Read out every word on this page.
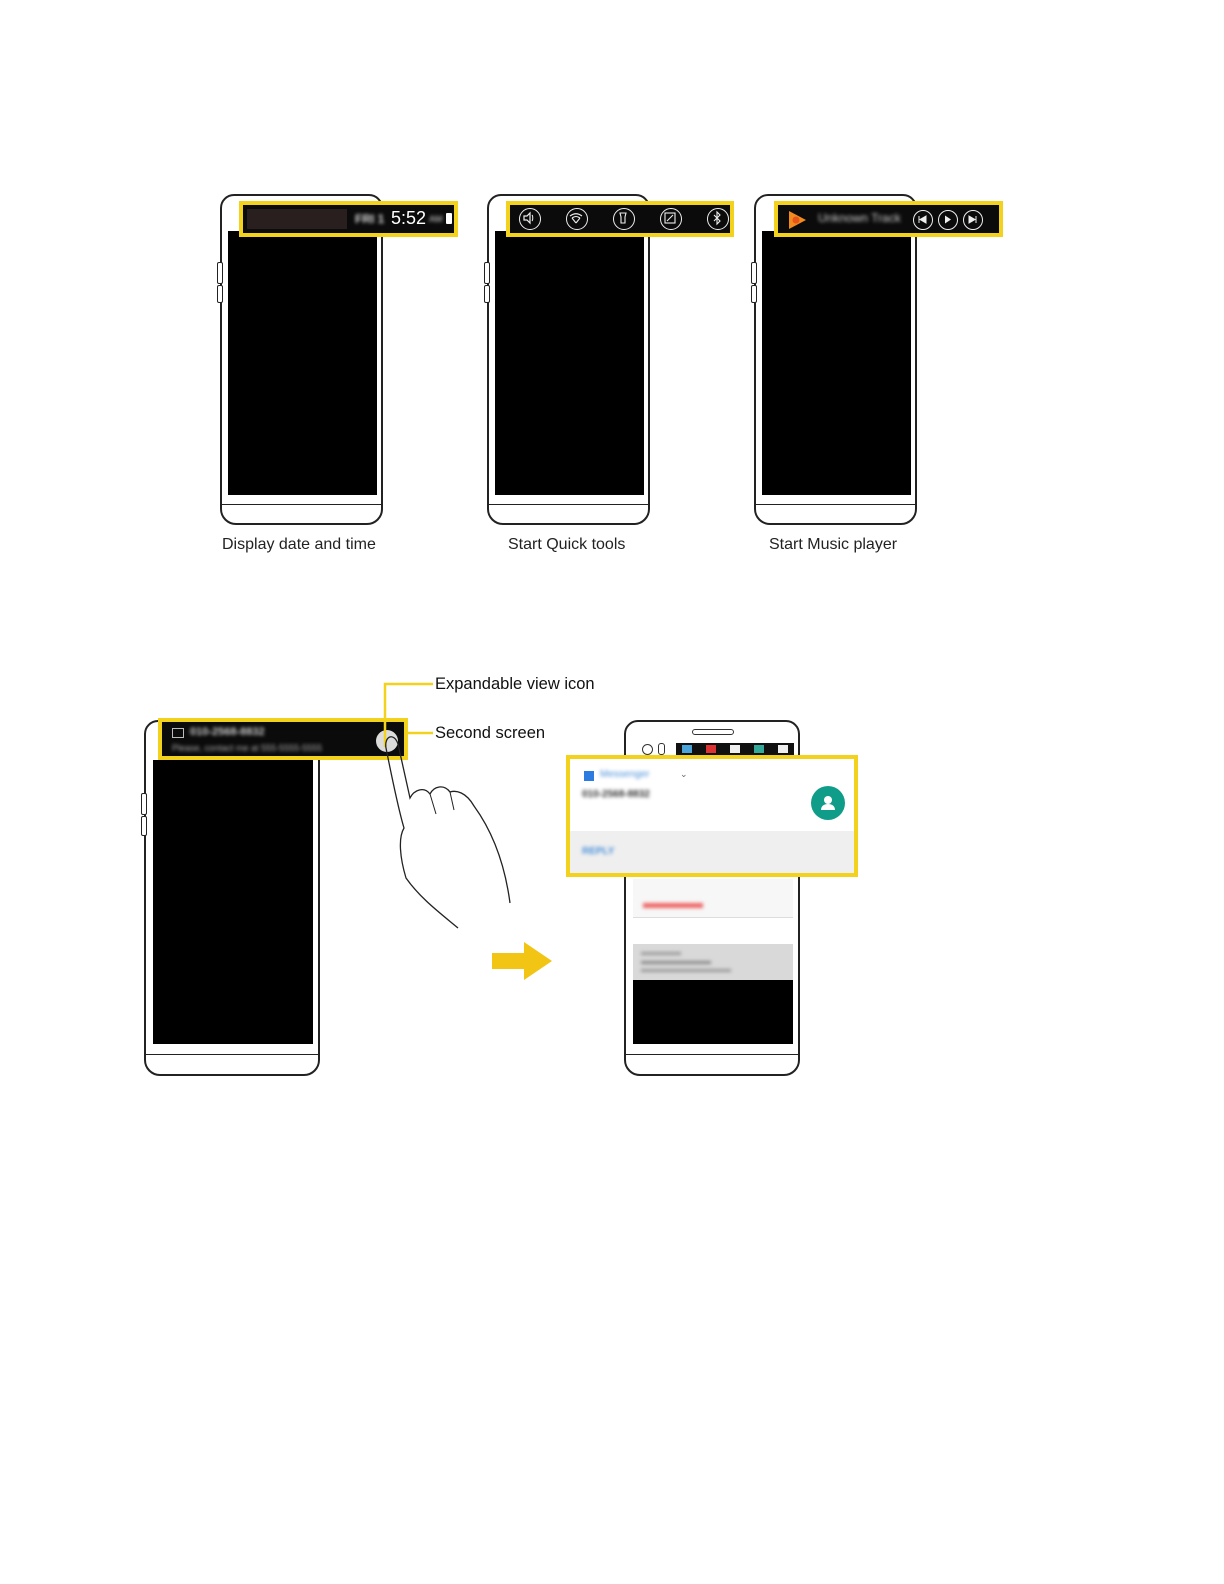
FRI 1 5:52 AM
Display date and time	Start Quick tools
Unknown Track
Start Music player
010-2568-8832
Please, contact me at 555-5555-5555
Expandable view icon
Second screen
Messenger	⌄
010-2568-8832
REPLY
